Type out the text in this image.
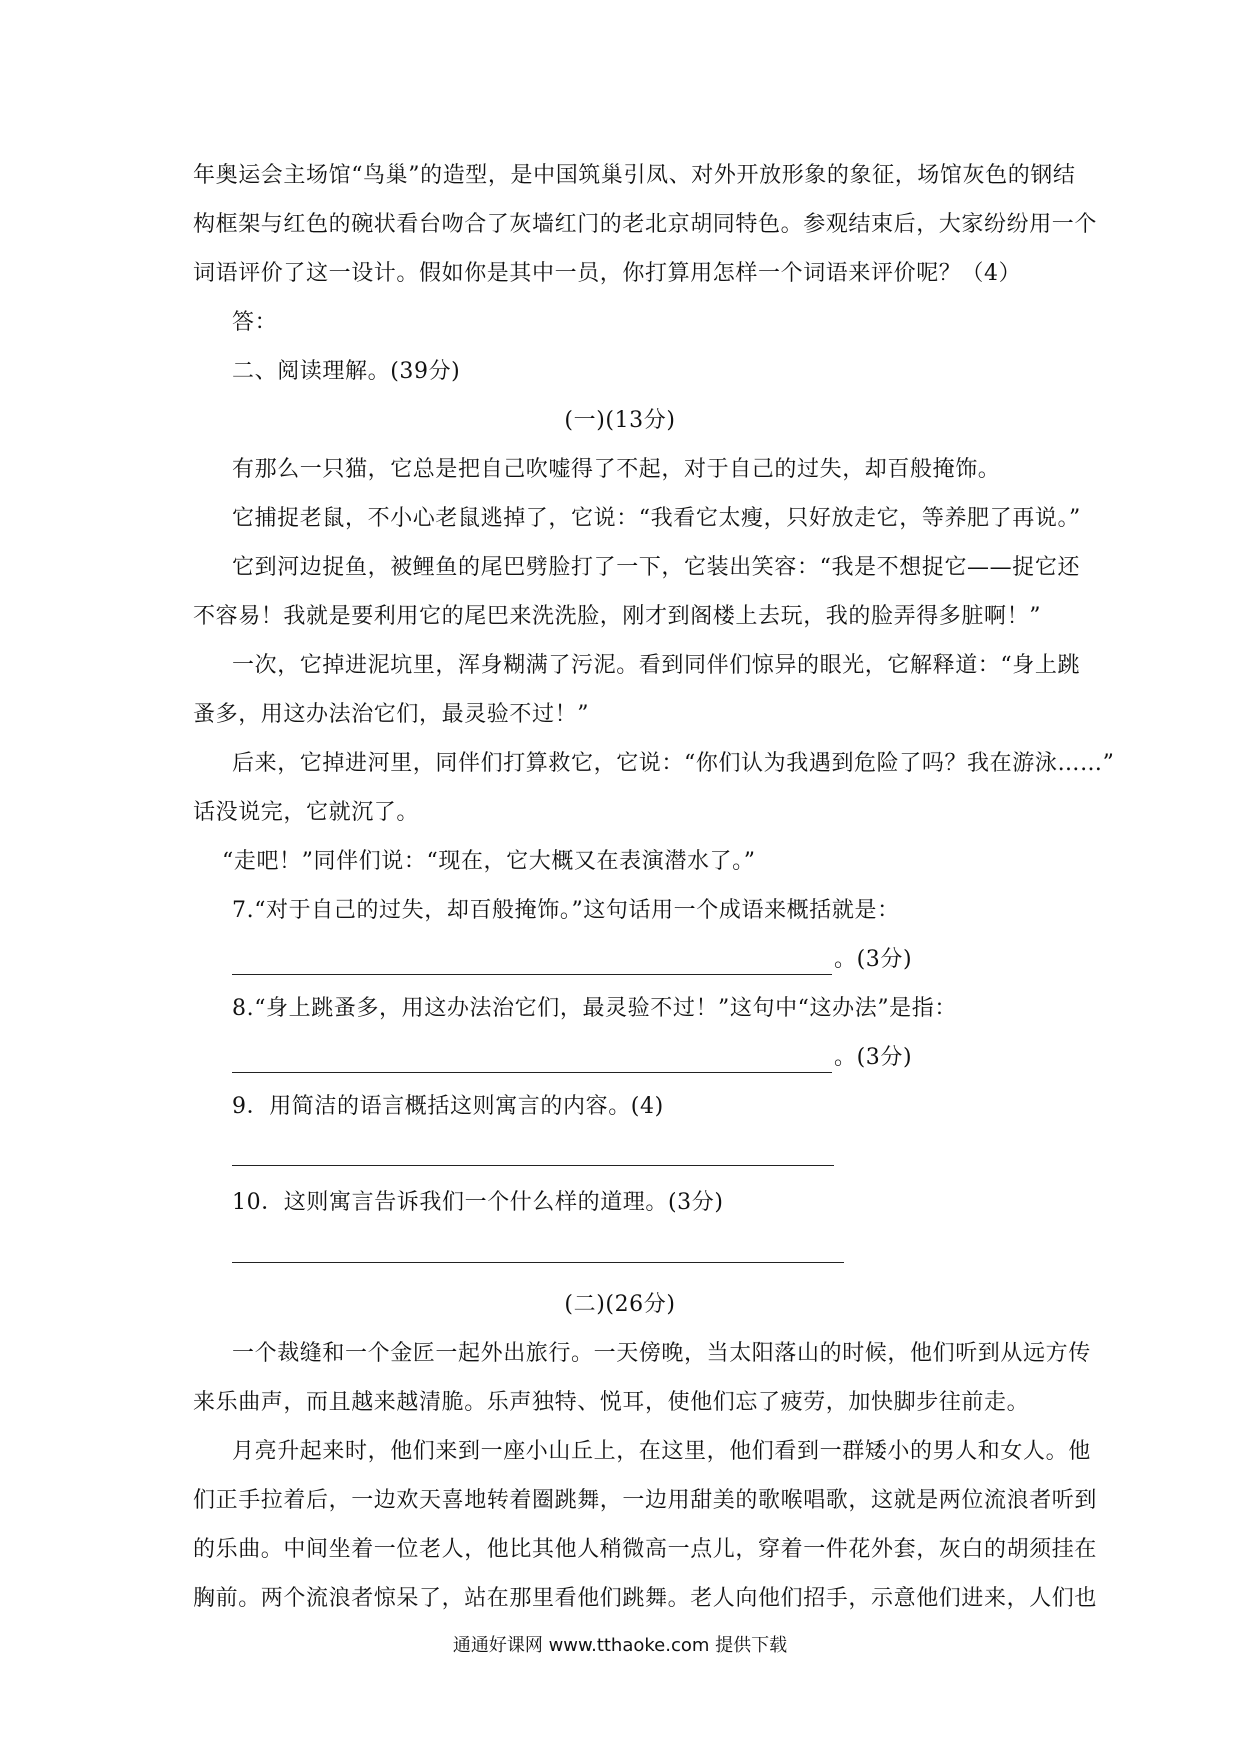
年奥运会主场馆“鸟巢”的造型，是中国筑巢引凤、对外开放形象的象征，场馆灰色的钢结
构框架与红色的碗状看台吻合了灰墙红门的老北京胡同特色。参观结束后，大家纷纷用一个
词语评价了这一设计。假如你是其中一员，你打算用怎样一个词语来评价呢？（4）
答：
二、阅读理解。(39分)
(一)(13分)
有那么一只猫，它总是把自己吹嘘得了不起，对于自己的过失，却百般掩饰。
它捕捉老鼠，不小心老鼠逃掉了，它说：“我看它太瘦，只好放走它，等养肥了再说。”
它到河边捉鱼，被鲤鱼的尾巴劈脸打了一下，它装出笑容：“我是不想捉它——捉它还
不容易！我就是要利用它的尾巴来洗洗脸，刚才到阁楼上去玩，我的脸弄得多脏啊！”
一次，它掉进泥坑里，浑身糊满了污泥。看到同伴们惊异的眼光，它解释道：“身上跳
蚤多，用这办法治它们，最灵验不过！”
后来，它掉进河里，同伴们打算救它，它说：“你们认为我遇到危险了吗？我在游泳……”
话没说完，它就沉了。
“走吧！”同伴们说：“现在，它大概又在表演潜水了。”
7.“对于自己的过失，却百般掩饰。”这句话用一个成语来概括就是：
。(3分)
8.“身上跳蚤多，用这办法治它们，最灵验不过！”这句中“这办法”是指：
。(3分)
9．用简洁的语言概括这则寓言的内容。(4)
10．这则寓言告诉我们一个什么样的道理。(3分)
(二)(26分)
一个裁缝和一个金匠一起外出旅行。一天傍晚，当太阳落山的时候，他们听到从远方传
来乐曲声，而且越来越清脆。乐声独特、悦耳，使他们忘了疲劳，加快脚步往前走。
月亮升起来时，他们来到一座小山丘上，在这里，他们看到一群矮小的男人和女人。他
们正手拉着后，一边欢天喜地转着圈跳舞，一边用甜美的歌喉唱歌，这就是两位流浪者听到
的乐曲。中间坐着一位老人，他比其他人稍微高一点儿，穿着一件花外套，灰白的胡须挂在
胸前。两个流浪者惊呆了，站在那里看他们跳舞。老人向他们招手，示意他们进来，人们也
通通好课网 www.tthaoke.com 提供下载
